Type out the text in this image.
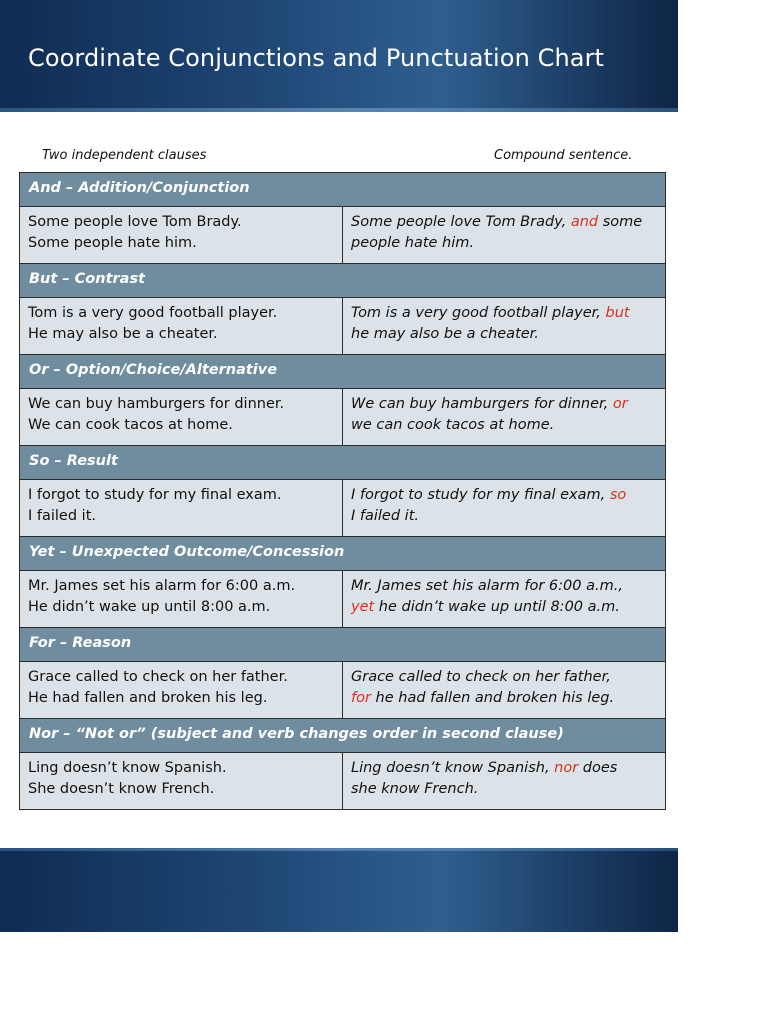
Coordinate Conjunctions and Punctuation Chart
Two independent clauses	Compound sentence.
And – Addition/Conjunction	

Some people love Tom Brady.
Some people hate him.	Some people love Tom Brady, and some
people hate him.

But – Contrast	

Tom is a very good football player.
He may also be a cheater.	Tom is a very good football player, but
he may also be a cheater.

Or – Option/Choice/Alternative	

We can buy hamburgers for dinner.
We can cook tacos at home.	We can buy hamburgers for dinner, or
we can cook tacos at home.

So – Result	

I forgot to study for my final exam.
I failed it.	I forgot to study for my final exam, so
I failed it.

Yet – Unexpected Outcome/Concession	

Mr. James set his alarm for 6:00 a.m.
He didn’t wake up until 8:00 a.m.	Mr. James set his alarm for 6:00 a.m.,
yet he didn’t wake up until 8:00 a.m.

For – Reason	

Grace called to check on her father.
He had fallen and broken his leg.	Grace called to check on her father,
for he had fallen and broken his leg.

Nor – “Not or” (subject and verb changes order in second clause)	

Ling doesn’t know Spanish.
She doesn’t know French.	Ling doesn’t know Spanish, nor does
she know French.
